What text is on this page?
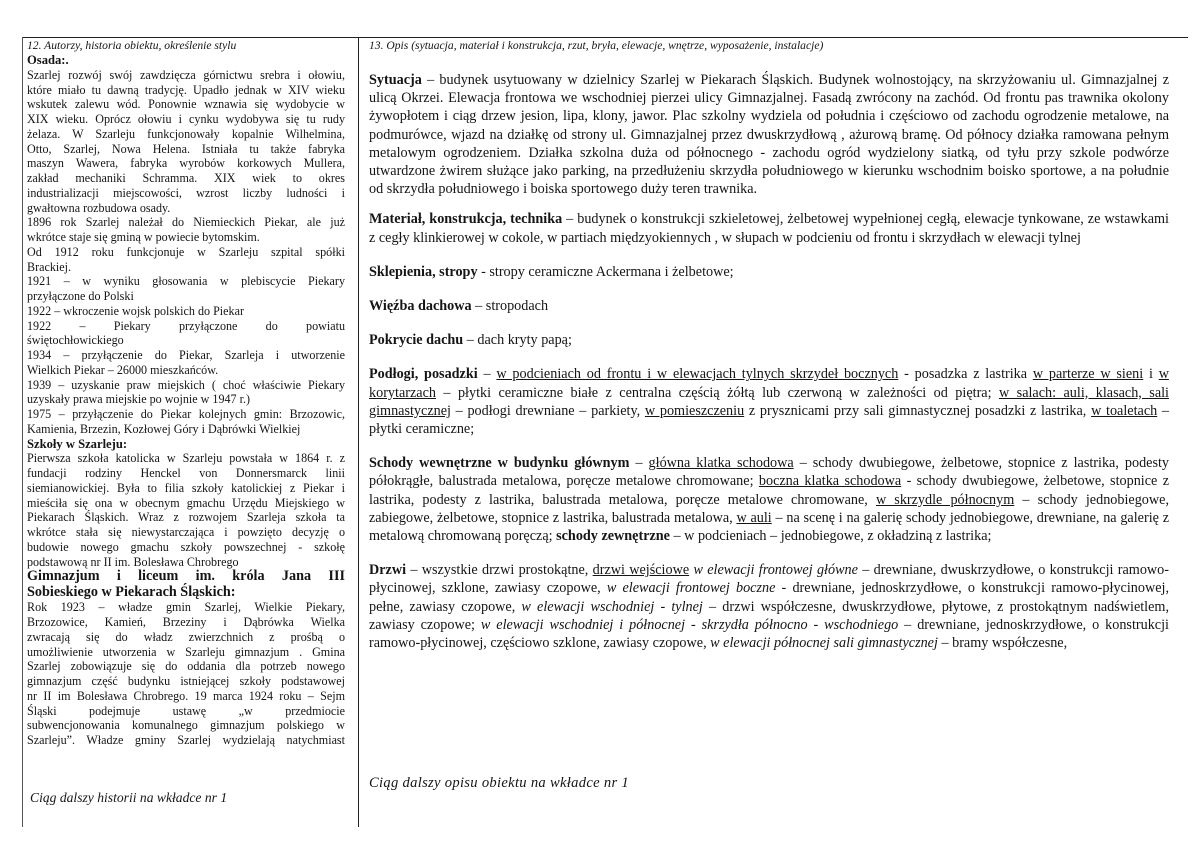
12. Autorzy, historia obiektu, określenie stylu

Osada:.
Szarlej rozwój swój zawdzięcza górnictwu srebra i ołowiu,
które miało tu dawną tradycję. Upadło jednak w XIV wieku
wskutek zalewu wód. Ponownie wznawia się wydobycie w
XIX wieku. Oprócz ołowiu i cynku wydobywa się tu rudy
żelaza. W Szarleju funkcjonowały kopalnie Wilhelmina,
Otto, Szarlej, Nowa Helena. Istniała tu także fabryka
maszyn Wawera, fabryka wyrobów korkowych Mullera,
zakład mechaniki Schramma. XIX wiek to okres
industrializacji miejscowości, wzrost liczby ludności i
gwałtowna rozbudowa osady.
1896 rok Szarlej należał do Niemieckich Piekar, ale już
wkrótce staje się gminą w powiecie bytomskim.
Od 1912 roku funkcjonuje w Szarleju szpital spółki
Brackiej.
1921 – w wyniku głosowania w plebiscycie Piekary
przyłączone do Polski
1922 – wkroczenie wojsk polskich do Piekar
1922 – Piekary przyłączone do powiatu
świętochłowickiego
1934 – przyłączenie do Piekar, Szarleja i utworzenie
Wielkich Piekar – 26000 mieszkańców.
1939 – uzyskanie praw miejskich ( choć właściwie Piekary
uzyskały prawa miejskie po wojnie w 1947 r.)
1975 – przyłączenie do Piekar kolejnych gmin: Brzozowic,
Kamienia, Brzezin, Kozłowej Góry i Dąbrówki Wielkiej
Szkoły w Szarleju:
Pierwsza szkoła katolicka w Szarleju powstała w 1864 r. z
fundacji rodziny Henckel von Donnersmarck linii
siemianowickiej. Była to filia szkoły katolickiej z Piekar i
mieściła się ona w obecnym gmachu Urzędu Miejskiego w
Piekarach Śląskich. Wraz z rozwojem Szarleja szkoła ta
wkrótce stała się niewystarczająca i powzięto decyzję o
budowie nowego gmachu szkoły powszechnej - szkołę
podstawową nr II im. Bolesława Chrobrego
Gimnazjum i liceum im. króla Jana III
Sobieskiego w Piekarach Śląskich:
Rok 1923 – władze gmin Szarlej, Wielkie Piekary,
Brzozowice, Kamień, Brzeziny i Dąbrówka Wielka
zwracają się do władz zwierzchnich z prośbą o
umożliwienie utworzenia w Szarleju gimnazjum . Gmina
Szarlej zobowiązuje się do oddania dla potrzeb nowego
gimnazjum część budynku istniejącej szkoły podstawowej
nr II im Bolesława Chrobrego. 19 marca 1924 roku – Sejm
Śląski podejmuje ustawę „w przedmiocie
subwencjonowania komunalnego gimnazjum polskiego w
Szarleju”. Władze gminy Szarlej wydzielają natychmiast
Ciąg dalszy historii na wkładce nr 1

13. Opis (sytuacja, materiał i konstrukcja, rzut, bryła, elewacje, wnętrze, wyposażenie, instalacje)

Sytuacja – budynek usytuowany w dzielnicy Szarlej w Piekarach Śląskich. Budynek wolnostojący, na skrzyżowaniu ul. Gimnazjalnej z ulicą Okrzei. Elewacja frontowa we wschodniej pierzei ulicy Gimnazjalnej. Fasadą zwrócony na zachód. Od frontu pas trawnika okolony żywopłotem i ciąg drzew jesion, lipa, klony, jawor. Plac szkolny wydziela od południa i częściowo od zachodu ogrodzenie metalowe, na podmurówce, wjazd na działkę od strony ul. Gimnazjalnej przez dwuskrzydłową , ażurową bramę. Od północy działka ramowana pełnym metalowym ogrodzeniem. Działka szkolna duża od północnego - zachodu ogród wydzielony siatką, od tyłu przy szkole podwórze utwardzone żwirem służące jako parking, na przedłużeniu skrzydła południowego w kierunku wschodnim boisko sportowe, a na południe od skrzydła południowego i boiska sportowego duży teren trawnika.

Materiał, konstrukcja, technika – budynek o konstrukcji szkieletowej, żelbetowej wypełnionej cegłą, elewacje tynkowane, ze wstawkami z cegły klinkierowej w cokole, w partiach międzyokiennych , w słupach w podcieniu od frontu i skrzydłach w elewacji tylnej

Sklepienia, stropy - stropy ceramiczne Ackermana i żelbetowe;

Więźba dachowa – stropodach

Pokrycie dachu – dach kryty papą;

Podłogi, posadzki – w podcieniach od frontu i w elewacjach tylnych skrzydeł bocznych - posadzka z lastrika w parterze w sieni i w korytarzach – płytki ceramiczne białe z centralna częścią żółtą lub czerwoną w zależności od piętra; w salach: auli, klasach, sali gimnastycznej – podłogi drewniane – parkiety, w pomieszczeniu z prysznicami przy sali gimnastycznej posadzki z lastrika, w toaletach – płytki ceramiczne;

Schody wewnętrzne w budynku głównym – główna klatka schodowa – schody dwubiegowe, żelbetowe, stopnice z lastrika, podesty półokrągłe, balustrada metalowa, poręcze metalowe chromowane; boczna klatka schodowa - schody dwubiegowe, żelbetowe, stopnice z lastrika, podesty z lastrika, balustrada metalowa, poręcze metalowe chromowane, w skrzydle północnym – schody jednobiegowe, zabiegowe, żelbetowe, stopnice z lastrika, balustrada metalowa, w auli – na scenę i na galerię schody jednobiegowe, drewniane, na galerię z metalową chromowaną poręczą; schody zewnętrzne – w podcieniach – jednobiegowe, z okładziną z lastrika;

Drzwi – wszystkie drzwi prostokątne, drzwi wejściowe w elewacji frontowej główne – drewniane, dwuskrzydłowe, o konstrukcji ramowo-płycinowej, szklone, zawiasy czopowe, w elewacji frontowej boczne - drewniane, jednoskrzydłowe, o konstrukcji ramowo-płycinowej, pełne, zawiasy czopowe, w elewacji wschodniej - tylnej – drzwi współczesne, dwuskrzydłowe, płytowe, z prostokątnym nadświetlem, zawiasy czopowe; w elewacji wschodniej i północnej - skrzydła północno - wschodniego – drewniane, jednoskrzydłowe, o konstrukcji ramowo-płycinowej, częściowo szklone, zawiasy czopowe, w elewacji północnej sali gimnastycznej – bramy współczesne,

Ciąg dalszy opisu obiektu na wkładce nr 1
